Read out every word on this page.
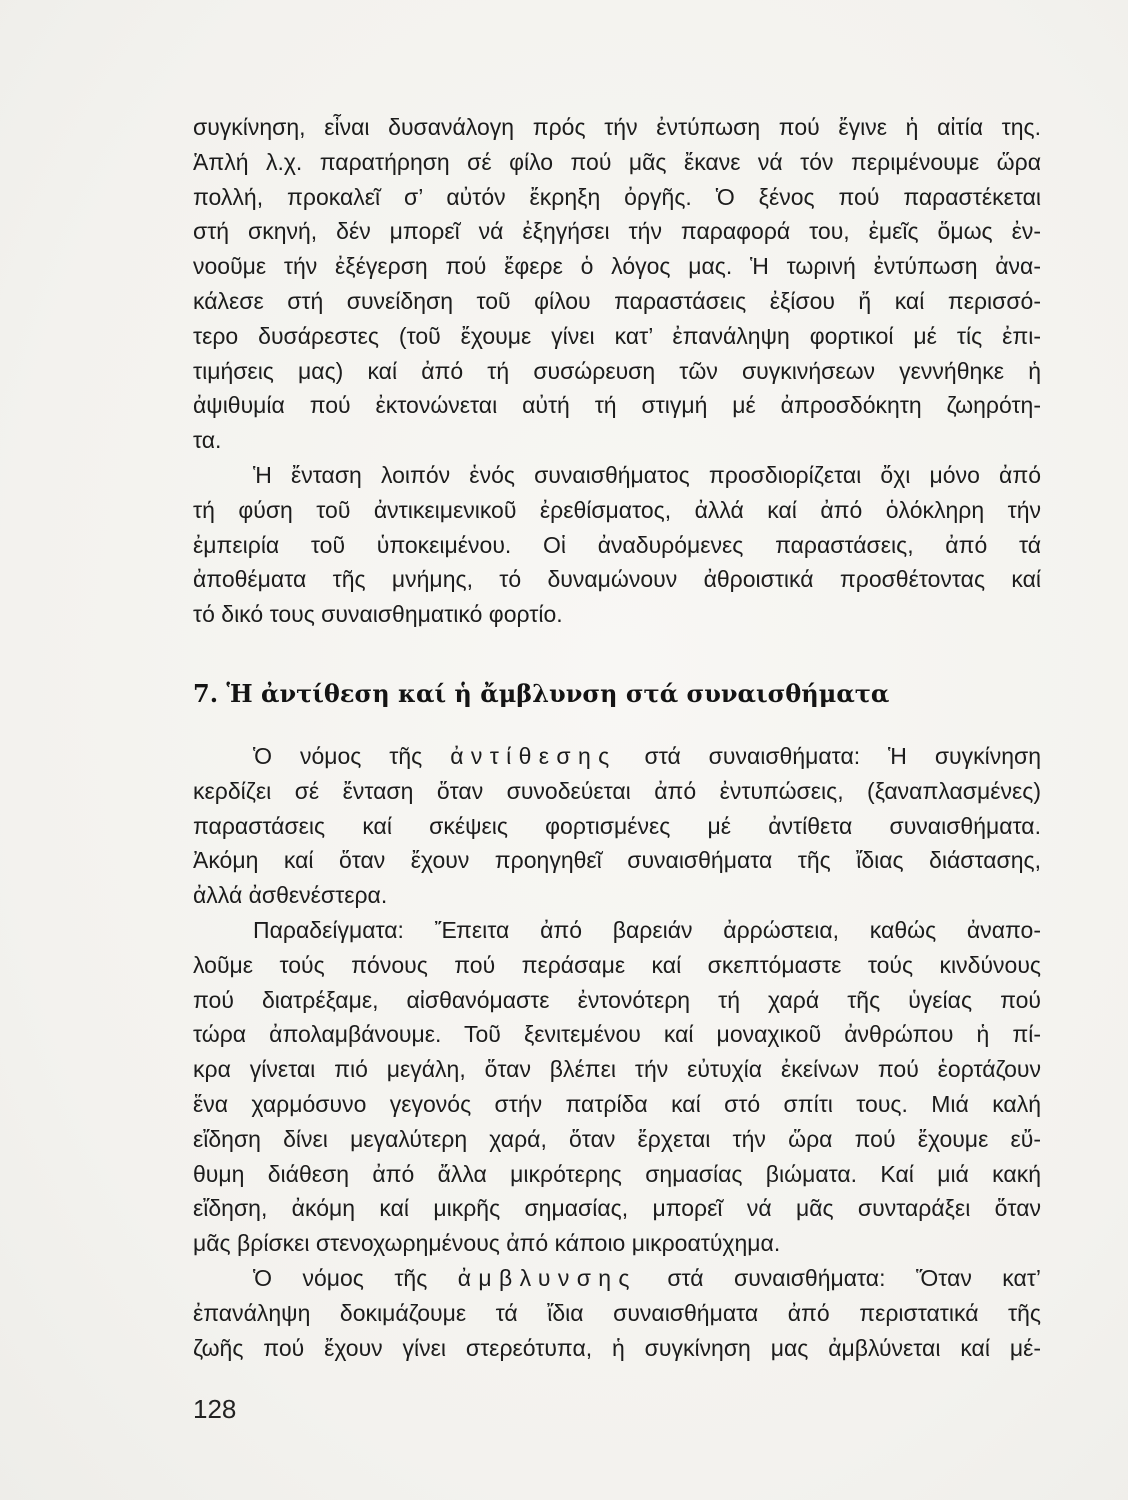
συγκίνηση, εἶναι δυσανάλογη πρός τήν ἐντύπωση πού ἔγινε ἡ αἰτία της.
Ἁπλή λ.χ. παρατήρηση σέ φίλο πού μᾶς ἔκανε νά τόν περιμένουμε ὥρα
πολλή, προκαλεῖ σ’ αὐτόν ἔκρηξη ὀργῆς. Ὁ ξένος πού παραστέκεται
στή σκηνή, δέν μπορεῖ νά ἐξηγήσει τήν παραφορά του, ἐμεῖς ὅμως ἐν-
νοοῦμε τήν ἐξέγερση πού ἔφερε ὁ λόγος μας. Ἡ τωρινή ἐντύπωση ἀνα-
κάλεσε στή συνείδηση τοῦ φίλου παραστάσεις ἐξίσου ἤ καί περισσό-
τερο δυσάρεστες (τοῦ ἔχουμε γίνει κατ’ ἐπανάληψη φορτικοί μέ τίς ἐπι-
τιμήσεις μας) καί ἀπό τή συσώρευση τῶν συγκινήσεων γεννήθηκε ἡ
ἀψιθυμία πού ἐκτονώνεται αὐτή τή στιγμή μέ ἀπροσδόκητη ζωηρότη-
τα.
Ἡ ἔνταση λοιπόν ἑνός συναισθήματος προσδιορίζεται ὄχι μόνο ἀπό
τή φύση τοῦ ἀντικειμενικοῦ ἐρεθίσματος, ἀλλά καί ἀπό ὁλόκληρη τήν
ἐμπειρία τοῦ ὑποκειμένου. Οἱ ἀναδυρόμενες παραστάσεις, ἀπό τά
ἀποθέματα τῆς μνήμης, τό δυναμώνουν ἀθροιστικά προσθέτοντας καί
τό δικό τους συναισθηματικό φορτίο.
7. Ἡ ἀντίθεση καί ἡ ἄμβλυνση στά συναισθήματα
Ὁ νόμος τῆς ἀντίθεσης στά συναισθήματα: Ἡ συγκίνηση
κερδίζει σέ ἔνταση ὅταν συνοδεύεται ἀπό ἐντυπώσεις, (ξαναπλασμένες)
παραστάσεις καί σκέψεις φορτισμένες μέ ἀντίθετα συναισθήματα.
Ἀκόμη καί ὅταν ἔχουν προηγηθεῖ συναισθήματα τῆς ἴδιας διάστασης,
ἀλλά ἀσθενέστερα.
Παραδείγματα: Ἔπειτα ἀπό βαρειάν ἀρρώστεια, καθώς ἀναπο-
λοῦμε τούς πόνους πού περάσαμε καί σκεπτόμαστε τούς κινδύνους
πού διατρέξαμε, αἰσθανόμαστε ἐντονότερη τή χαρά τῆς ὑγείας πού
τώρα ἀπολαμβάνουμε. Τοῦ ξενιτεμένου καί μοναχικοῦ ἀνθρώπου ἡ πί-
κρα γίνεται πιό μεγάλη, ὅταν βλέπει τήν εὐτυχία ἐκείνων πού ἑορτάζουν
ἕνα χαρμόσυνο γεγονός στήν πατρίδα καί στό σπίτι τους. Μιά καλή
εἴδηση δίνει μεγαλύτερη χαρά, ὅταν ἔρχεται τήν ὥρα πού ἔχουμε εὔ-
θυμη διάθεση ἀπό ἄλλα μικρότερης σημασίας βιώματα. Καί μιά κακή
εἴδηση, ἀκόμη καί μικρῆς σημασίας, μπορεῖ νά μᾶς συνταράξει ὅταν
μᾶς βρίσκει στενοχωρημένους ἀπό κάποιο μικροατύχημα.
Ὁ νόμος τῆς ἀμβλυνσης στά συναισθήματα: Ὅταν κατ’
ἐπανάληψη δοκιμάζουμε τά ἴδια συναισθήματα ἀπό περιστατικά τῆς
ζωῆς πού ἔχουν γίνει στερεότυπα, ἡ συγκίνηση μας ἀμβλύνεται καί μέ-
128
